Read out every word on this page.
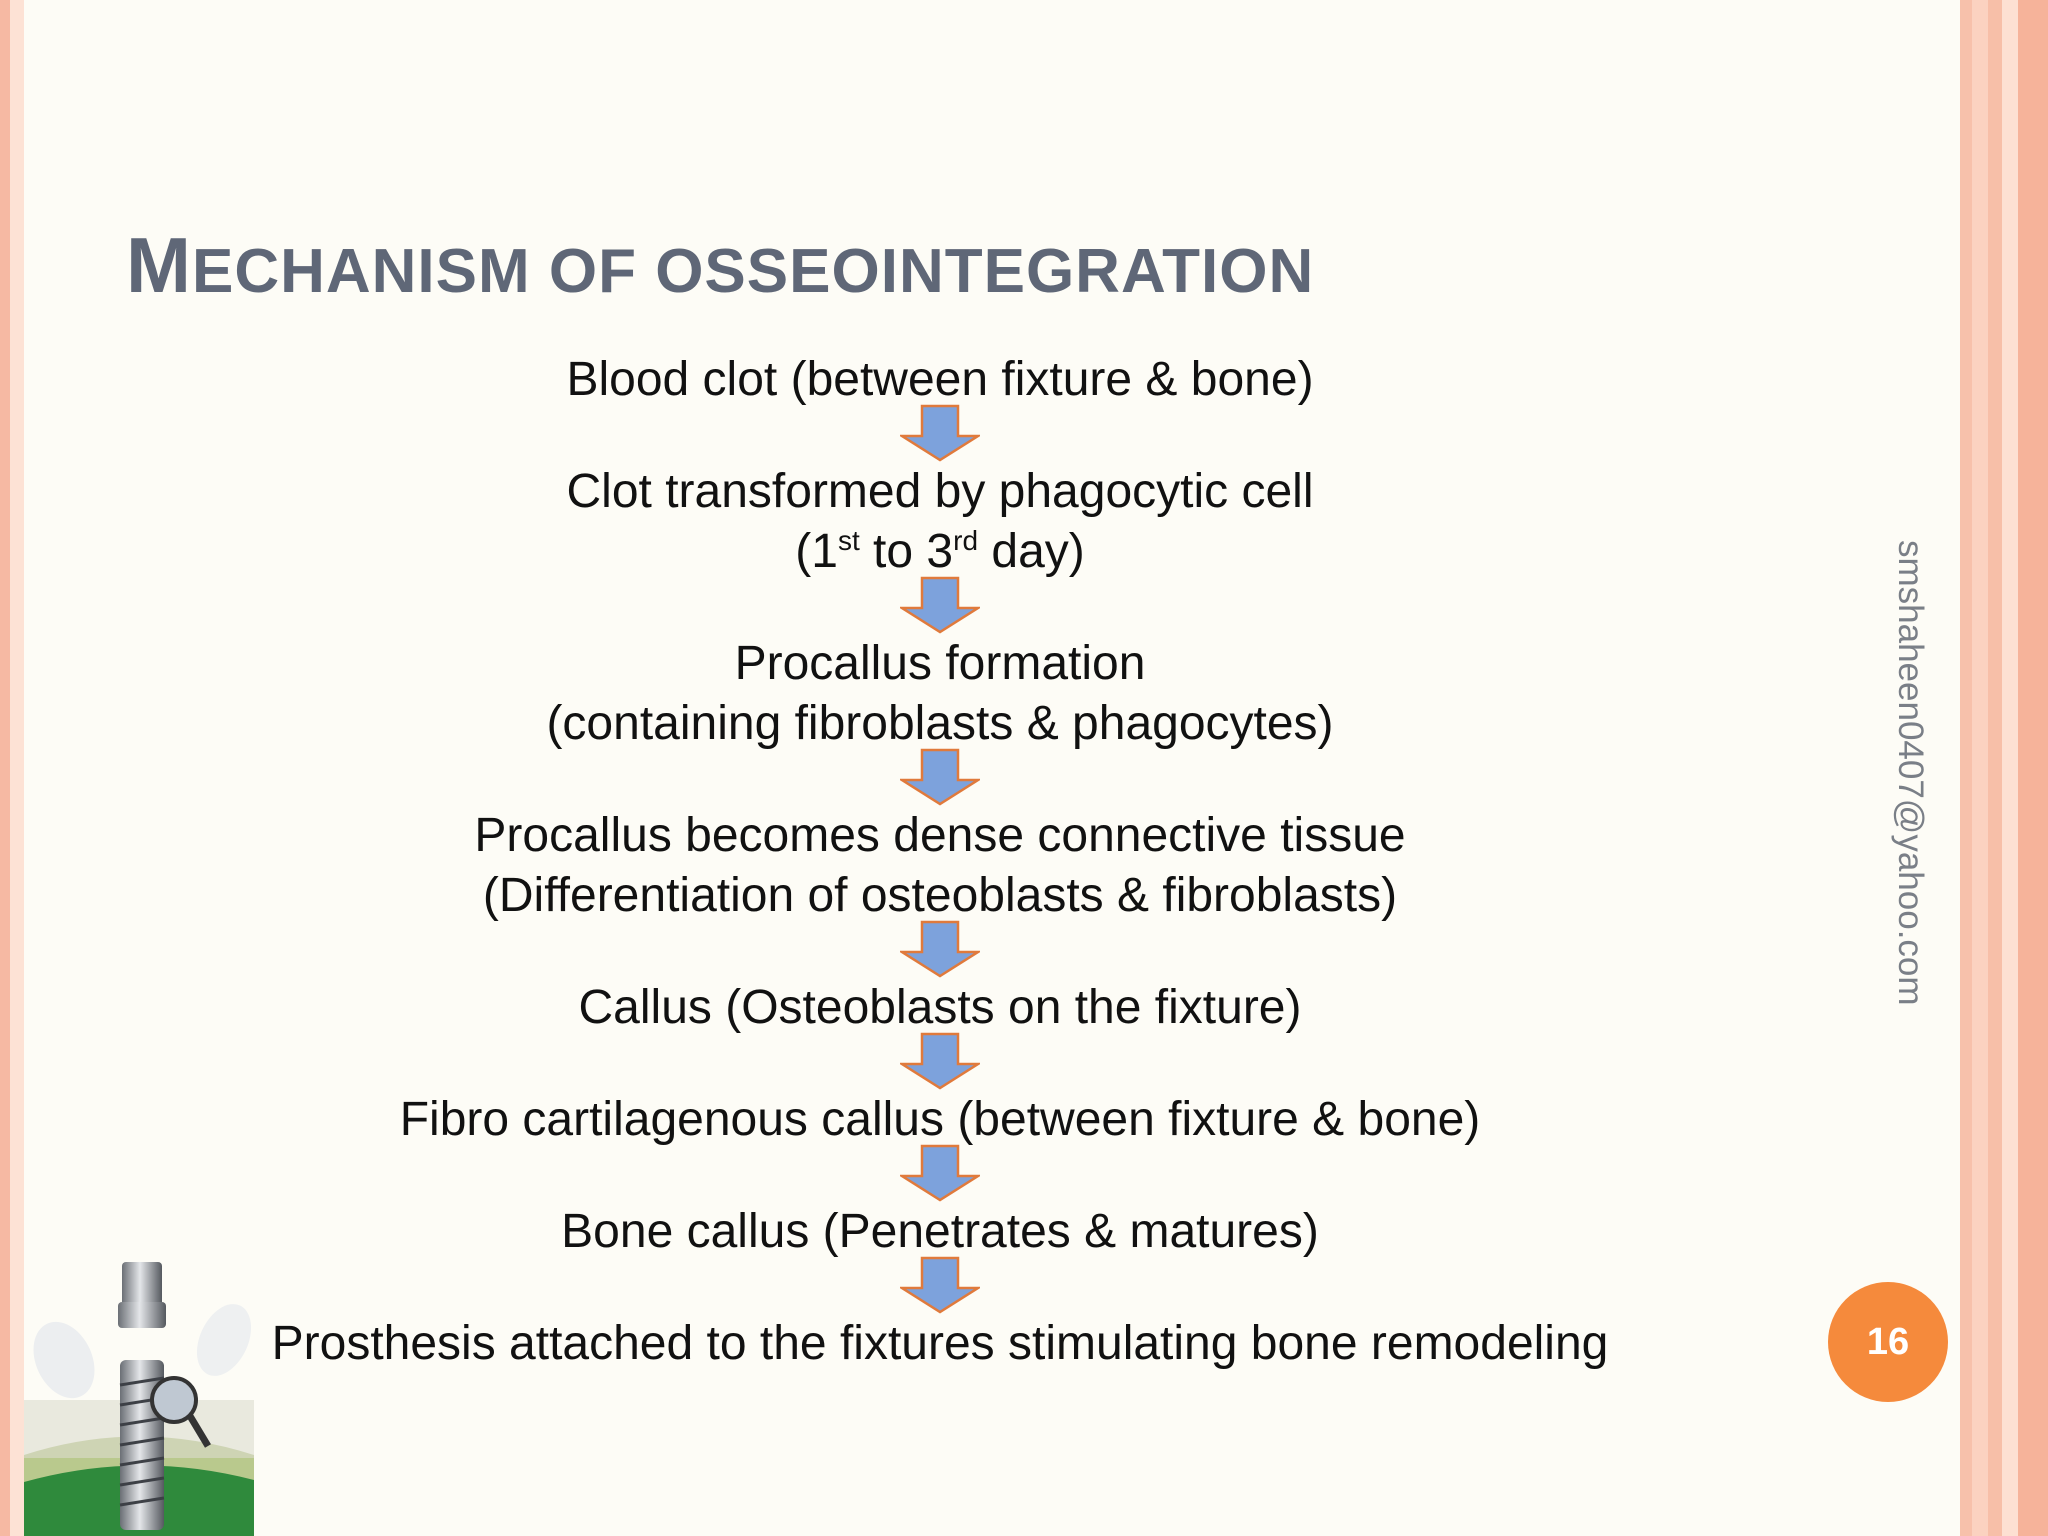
MECHANISM OF OSSEOINTEGRATION

Blood clot (between fixture & bone)

Clot transformed by phagocytic cell

(1st to 3rd day)

Procallus formation

(containing fibroblasts & phagocytes)

Procallus becomes dense connective tissue

(Differentiation of osteoblasts & fibroblasts)

Callus (Osteoblasts on the fixture)

Fibro cartilagenous callus (between fixture & bone)

Bone callus (Penetrates & matures)

Prosthesis attached to the fixtures stimulating bone remodeling

smshaheen0407@yahoo.com
16
